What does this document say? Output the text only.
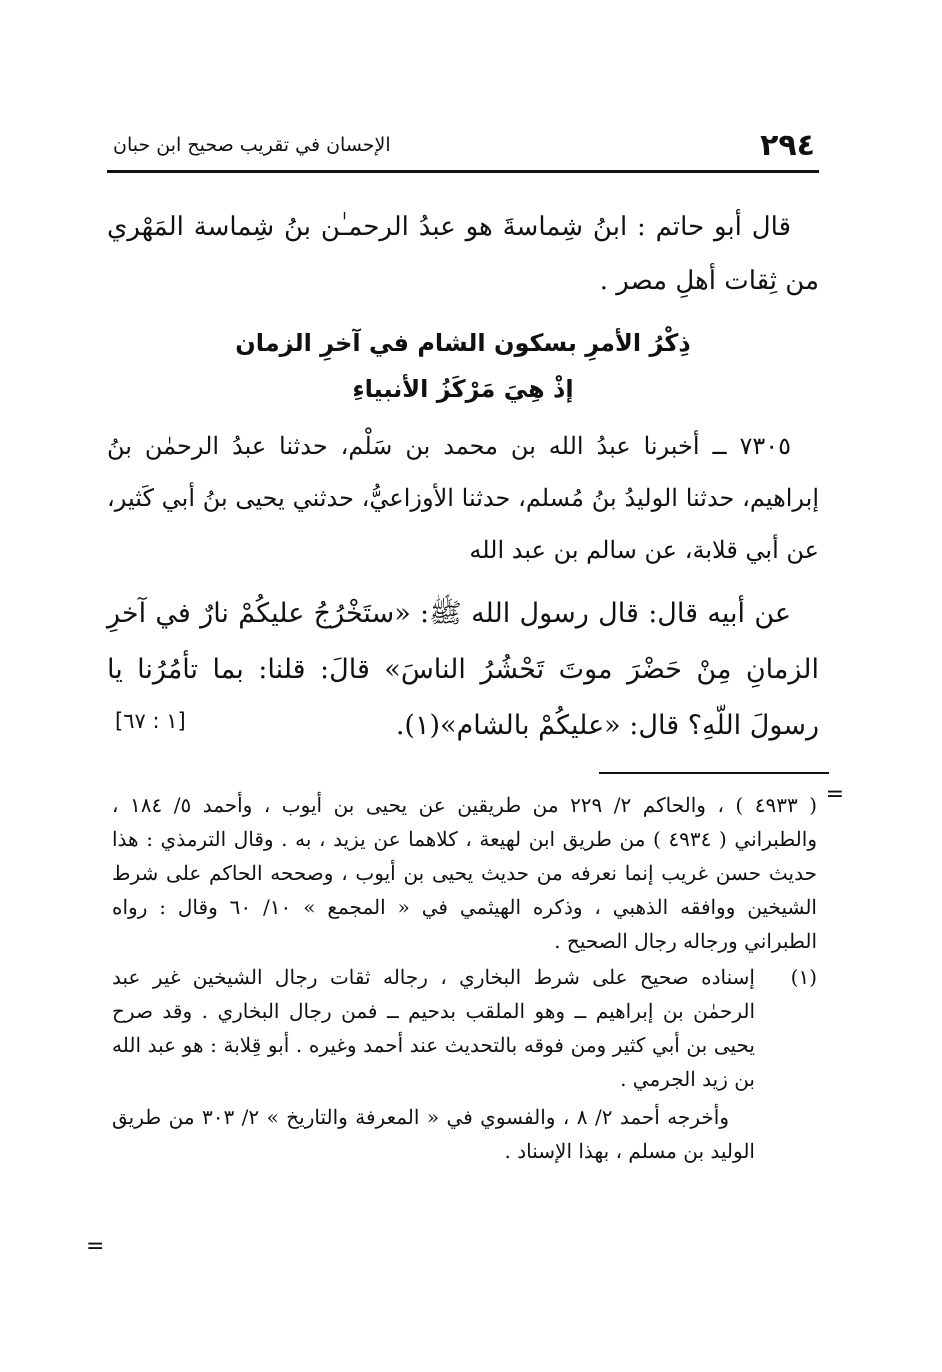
٢٩٤
الإحسان في تقريب صحيح ابن حبان

قال أبو حاتم : ابنُ شِماسةَ هو عبدُ الرحمـٰن بنُ شِماسة المَهْري من ثِقات أهلِ مصر .

ذِكْرُ الأمرِ بسكون الشام في آخرِ الزمان
إذْ هِيَ مَرْكَزُ الأنبياءِ

٧٣٠٥ ــ أخبرنا عبدُ الله بن محمد بن سَلْم، حدثنا عبدُ الرحمٰن بنُ إبراهيم، حدثنا الوليدُ بنُ مُسلم، حدثنا الأوزاعيُّ، حدثني يحيى بنُ أبي كَثير، عن أبي قلابة، عن سالم بن عبد الله

عن أبيه قال: قال رسول الله ﷺ: «ستَخْرُجُ عليكُمْ نارٌ في آخرِ الزمانِ مِنْ حَضْرَ موتَ تَحْشُرُ الناسَ» قالَ: قلنا: بما تأمُرُنا يا رسولَ اللّهِ؟ قال: «عليكُمْ بالشام»(١).

[١ : ٦٧]
=

( ٤٩٣٣ ) ، والحاكم ٢/ ٢٢٩ من طريقين عن يحيى بن أيوب ، وأحمد ٥/ ١٨٤ ، والطبراني ( ٤٩٣٤ ) من طريق ابن لهيعة ، كلاهما عن يزيد ، به . وقال الترمذي : هذا حديث حسن غريب إنما نعرفه من حديث يحيى بن أيوب ، وصححه الحاكم على شرط الشيخين ووافقه الذهبي ، وذكره الهيثمي في « المجمع » ١٠/ ٦٠ وقال : رواه الطبراني ورجاله رجال الصحيح .

(١)

إسناده صحيح على شرط البخاري ، رجاله ثقات رجال الشيخين غير عبد الرحمٰن بن إبراهيم ــ وهو الملقب بدحيم ــ فمن رجال البخاري . وقد صرح يحيى بن أبي كثير ومن فوقه بالتحديث عند أحمد وغيره . أبو قِلابة : هو عبد الله بن زيد الجرمي .

وأخرجه أحمد ٢/ ٨ ، والفسوي في « المعرفة والتاريخ » ٢/ ٣٠٣ من طريق الوليد بن مسلم ، بهذا الإسناد .

=
